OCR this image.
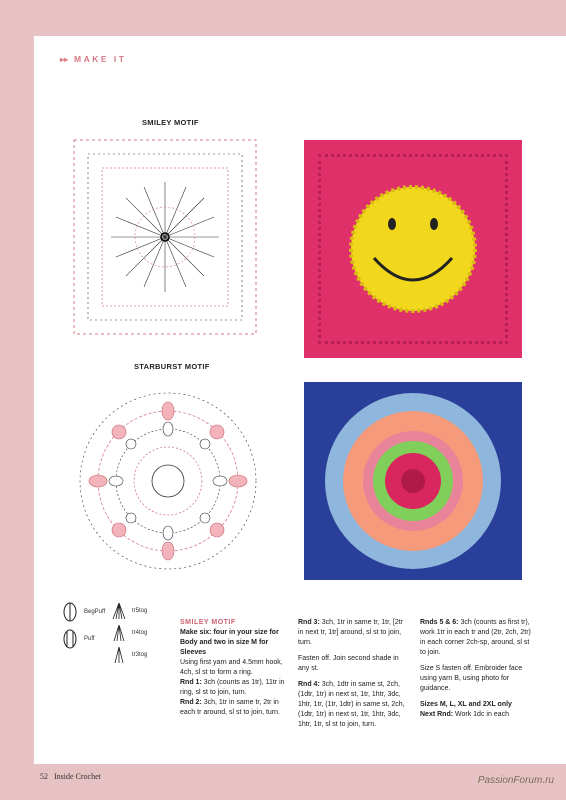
▸▸ MAKE IT
SMILEY MOTIF
STARBURST MOTIF
BegPuff
Puff
tr5tog
tr4tog
tr3tog
SMILEY MOTIF
Make six: four in your size for Body and two in size M for Sleeves
Using first yarn and 4.5mm hook, 4ch, sl st to form a ring.
Rnd 1: 3ch (counts as 1tr), 11tr in ring, sl st to join, turn.
Rnd 2: 3ch, 1tr in same tr, 2tr in each tr around, sl st to join, turn.

Rnd 3: 3ch, 1tr in same tr, 1tr, [2tr in next tr, 1tr] around, sl st to join, turn.

Fasten off. Join second shade in any st.

Rnd 4: 3ch, 1dtr in same st, 2ch, (1dtr, 1tr) in next st, 1tr, 1htr, 3dc, 1htr, 1tr, (1tr, 1dtr) in same st, 2ch, (1dtr, 1tr) in next st, 1tr, 1htr, 3dc, 1htr, 1tr, sl st to join, turn.

Rnds 5 & 6: 3ch (counts as first tr), work 1tr in each tr and (2tr, 2ch, 2tr) in each corner 2ch-sp, around, sl st to join.

Size S fasten off. Embroider face using yarn B, using photo for guidance.

Sizes M, L, XL and 2XL only
Next Rnd: Work 1dc in each
52 Inside Crochet	PassionForum.ru
